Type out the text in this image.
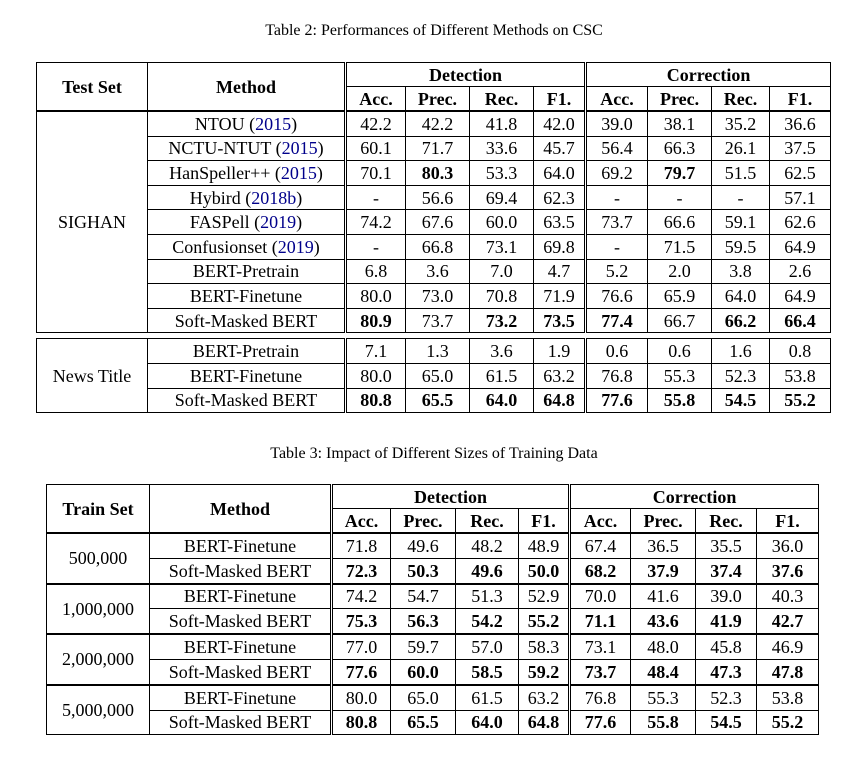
Table 2: Performances of Different Methods on CSC
Test Set	Method	Detection				Correction			
		Acc.	Prec.	Rec.	F1.	Acc.	Prec.	Rec.	F1.
SIGHAN	NTOU (2015)	42.2	42.2	41.8	42.0	39.0	38.1	35.2	36.6
	NCTU-NTUT (2015)	60.1	71.7	33.6	45.7	56.4	66.3	26.1	37.5
	HanSpeller++ (2015)	70.1	80.3	53.3	64.0	69.2	79.7	51.5	62.5
	Hybird (2018b)	-	56.6	69.4	62.3	-	-	-	57.1
	FASPell (2019)	74.2	67.6	60.0	63.5	73.7	66.6	59.1	62.6
	Confusionset (2019)	-	66.8	73.1	69.8	-	71.5	59.5	64.9
	BERT-Pretrain	6.8	3.6	7.0	4.7	5.2	2.0	3.8	2.6
	BERT-Finetune	80.0	73.0	70.8	71.9	76.6	65.9	64.0	64.9
	Soft-Masked BERT	80.9	73.7	73.2	73.5	77.4	66.7	66.2	66.4

News Title	BERT-Pretrain	7.1	1.3	3.6	1.9	0.6	0.6	1.6	0.8
	BERT-Finetune	80.0	65.0	61.5	63.2	76.8	55.3	52.3	53.8
	Soft-Masked BERT	80.8	65.5	64.0	64.8	77.6	55.8	54.5	55.2
Table 3: Impact of Different Sizes of Training Data
Train Set	Method	Detection				Correction			
		Acc.	Prec.	Rec.	F1.	Acc.	Prec.	Rec.	F1.
500,000	BERT-Finetune	71.8	49.6	48.2	48.9	67.4	36.5	35.5	36.0
	Soft-Masked BERT	72.3	50.3	49.6	50.0	68.2	37.9	37.4	37.6
1,000,000	BERT-Finetune	74.2	54.7	51.3	52.9	70.0	41.6	39.0	40.3
	Soft-Masked BERT	75.3	56.3	54.2	55.2	71.1	43.6	41.9	42.7
2,000,000	BERT-Finetune	77.0	59.7	57.0	58.3	73.1	48.0	45.8	46.9
	Soft-Masked BERT	77.6	60.0	58.5	59.2	73.7	48.4	47.3	47.8
5,000,000	BERT-Finetune	80.0	65.0	61.5	63.2	76.8	55.3	52.3	53.8
	Soft-Masked BERT	80.8	65.5	64.0	64.8	77.6	55.8	54.5	55.2
